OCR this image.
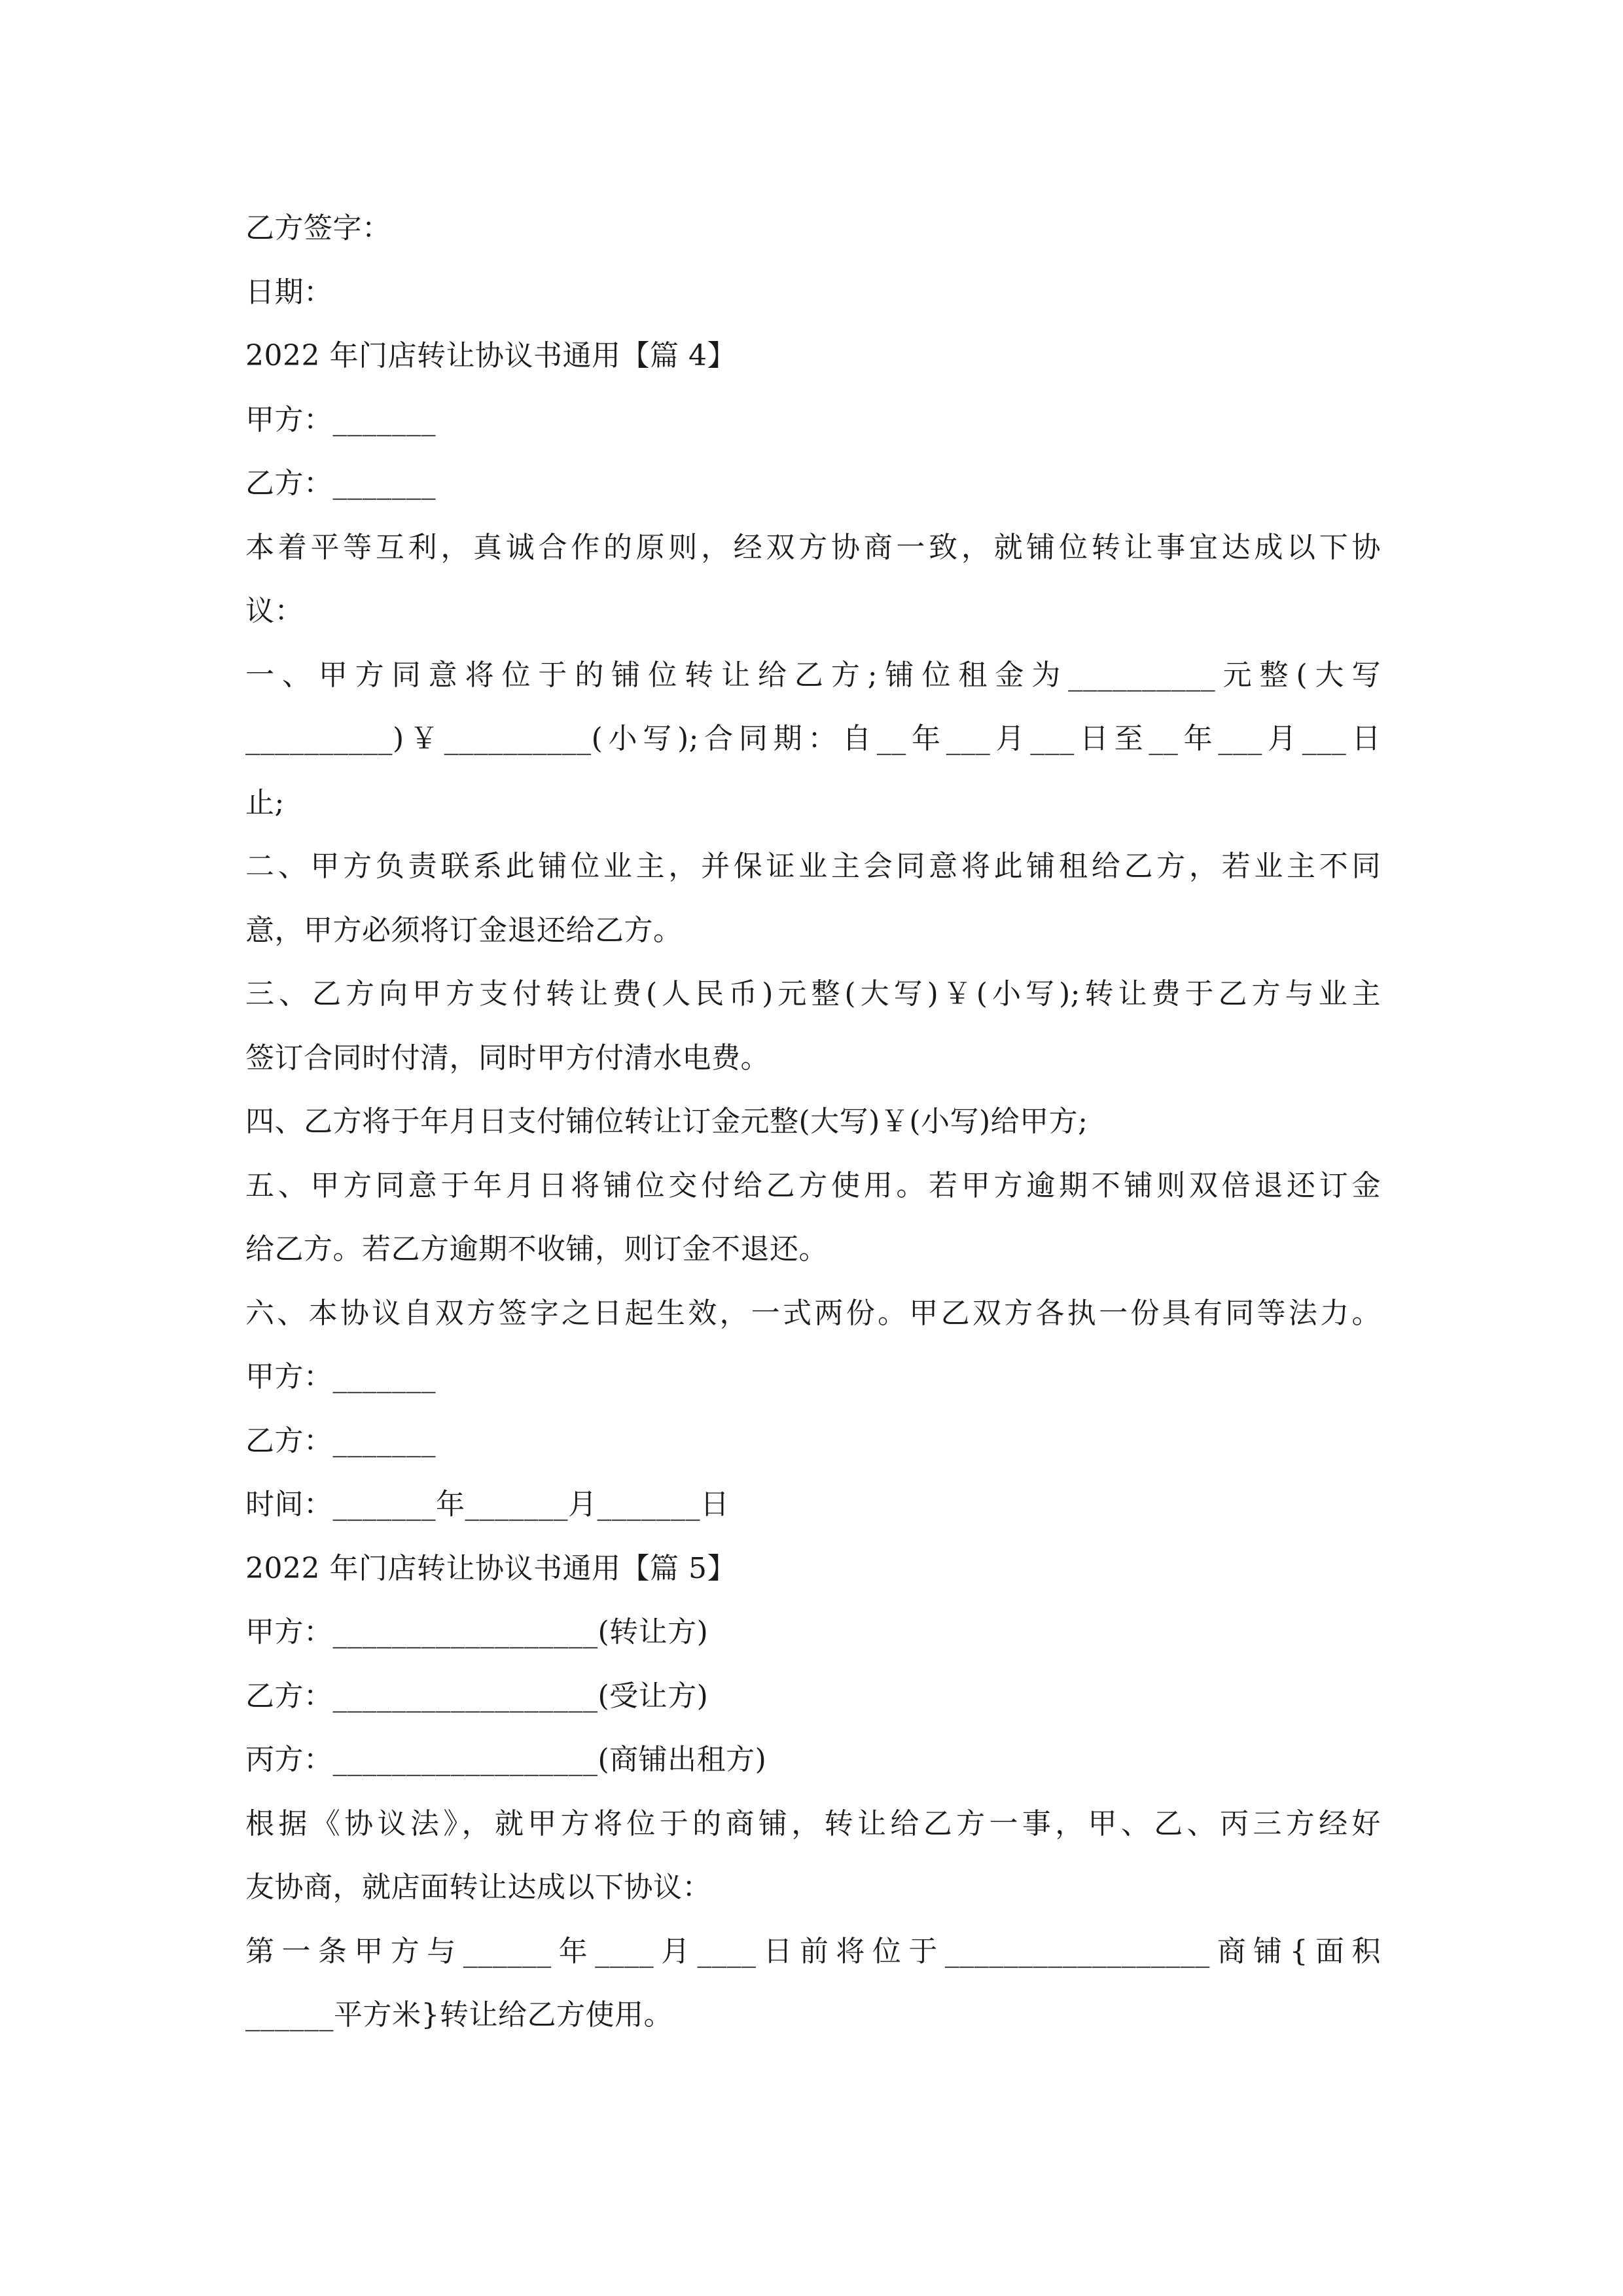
乙方签字：
日期：
2022 年门店转让协议书通用【篇 4】
甲方：_______
乙方：_______
本着平等互利，真诚合作的原则，经双方协商一致，就铺位转让事宜达成以下协
议：
一、甲方同意将位于的铺位转让给乙方;铺位租金为__________元整(大写
__________)￥__________(小写);合同期：自__年___月___日至__年___月___日
止;
二、甲方负责联系此铺位业主，并保证业主会同意将此铺租给乙方，若业主不同
意，甲方必须将订金退还给乙方。
三、乙方向甲方支付转让费(人民币)元整(大写)￥(小写);转让费于乙方与业主
签订合同时付清，同时甲方付清水电费。
四、乙方将于年月日支付铺位转让订金元整(大写)￥(小写)给甲方;
五、甲方同意于年月日将铺位交付给乙方使用。若甲方逾期不铺则双倍退还订金
给乙方。若乙方逾期不收铺，则订金不退还。
六、本协议自双方签字之日起生效，一式两份。甲乙双方各执一份具有同等法力。
甲方：_______
乙方：_______
时间：_______年_______月_______日
2022 年门店转让协议书通用【篇 5】
甲方：__________________(转让方)
乙方：__________________(受让方)
丙方：__________________(商铺出租方)
根据《协议法》，就甲方将位于的商铺，转让给乙方一事，甲、乙、丙三方经好
友协商，就店面转让达成以下协议：
第一条甲方与______年____月____日前将位于__________________商铺{面积
______平方米}转让给乙方使用。
